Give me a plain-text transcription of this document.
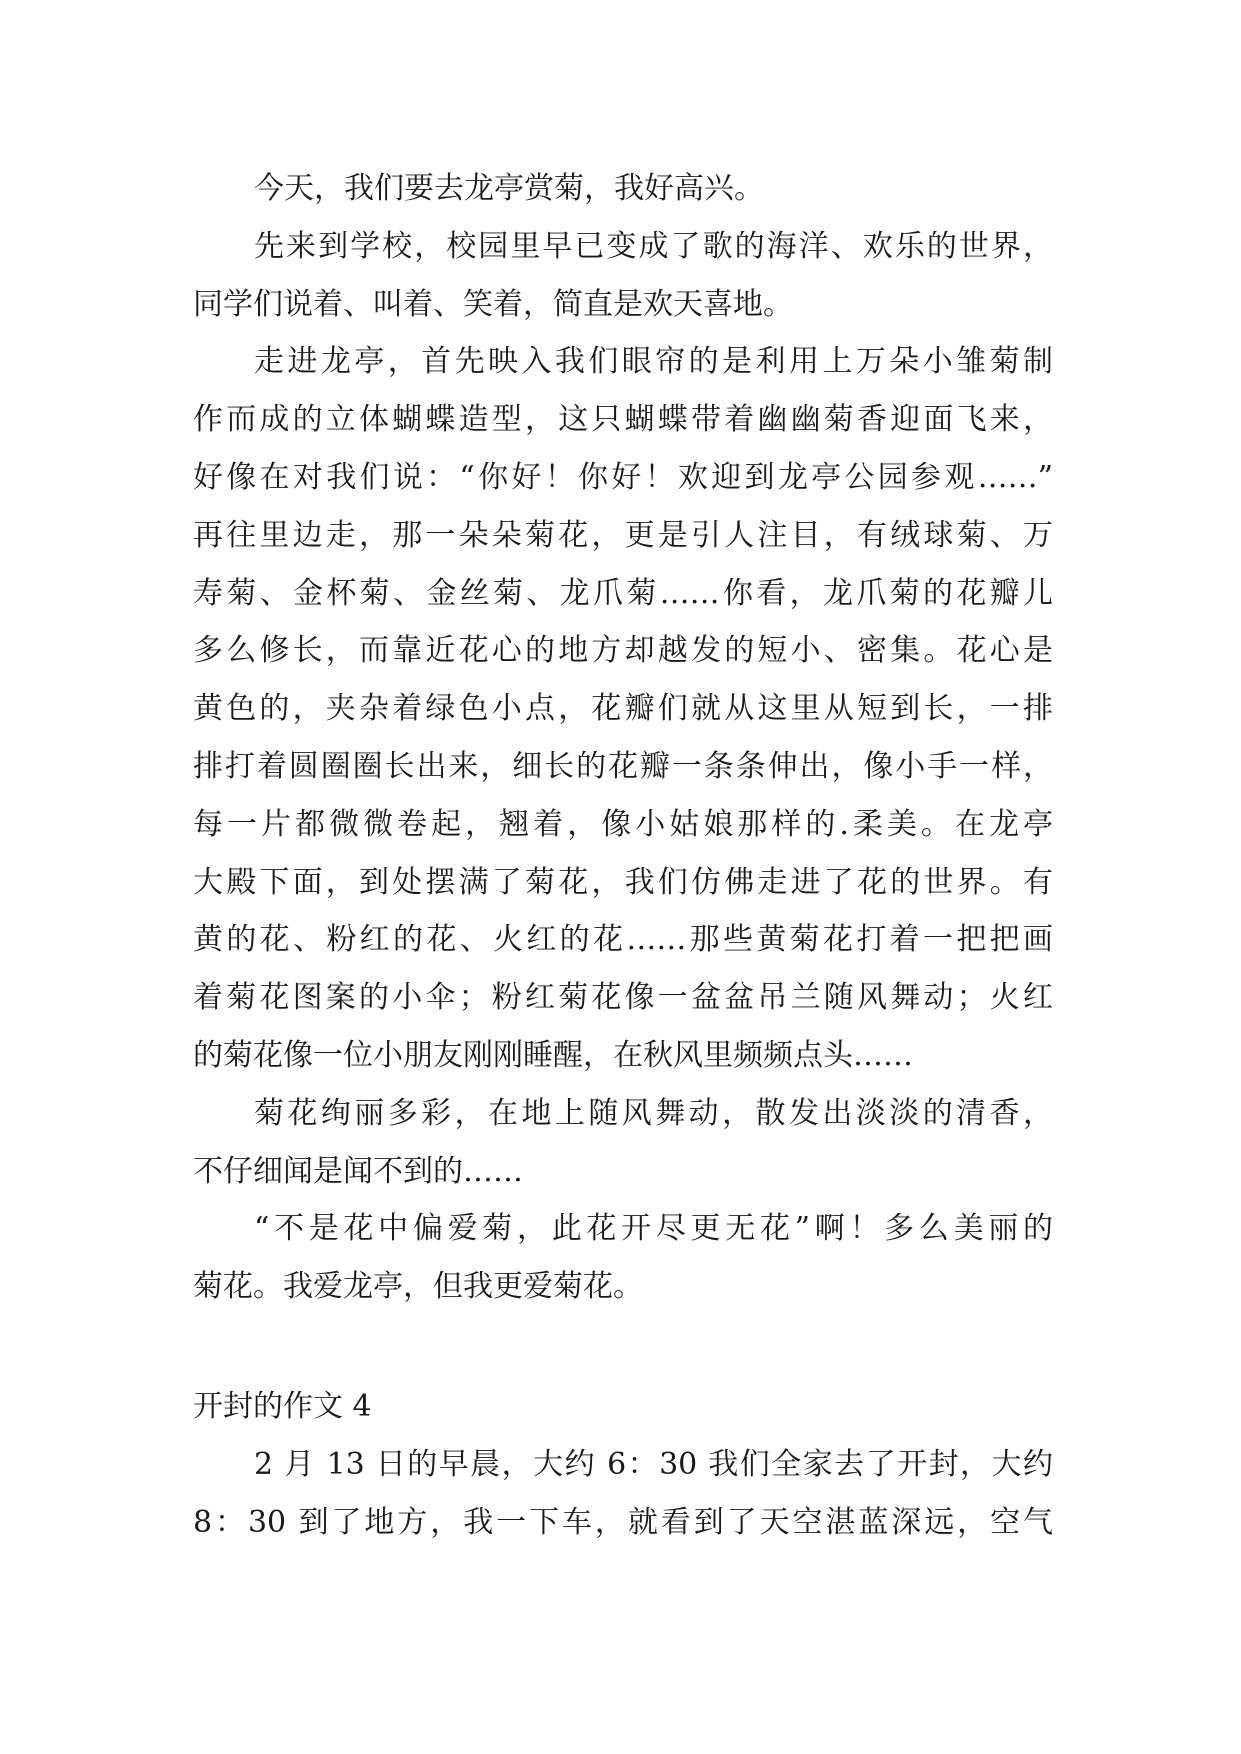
今天，我们要去龙亭赏菊，我好高兴。
先来到学校，校园里早已变成了歌的海洋、欢乐的世界，
同学们说着、叫着、笑着，简直是欢天喜地。
走进龙亭，首先映入我们眼帘的是利用上万朵小雏菊制
作而成的立体蝴蝶造型，这只蝴蝶带着幽幽菊香迎面飞来，
好像在对我们说：“你好！你好！欢迎到龙亭公园参观……”
再往里边走，那一朵朵菊花，更是引人注目，有绒球菊、万
寿菊、金杯菊、金丝菊、龙爪菊……你看，龙爪菊的花瓣儿
多么修长，而靠近花心的地方却越发的短小、密集。花心是
黄色的，夹杂着绿色小点，花瓣们就从这里从短到长，一排
排打着圆圈圈长出来，细长的花瓣一条条伸出，像小手一样，
每一片都微微卷起，翘着，像小姑娘那样的.柔美。在龙亭
大殿下面，到处摆满了菊花，我们仿佛走进了花的世界。有
黄的花、粉红的花、火红的花……那些黄菊花打着一把把画
着菊花图案的小伞；粉红菊花像一盆盆吊兰随风舞动；火红
的菊花像一位小朋友刚刚睡醒，在秋风里频频点头……
菊花绚丽多彩，在地上随风舞动，散发出淡淡的清香，
不仔细闻是闻不到的……
“不是花中偏爱菊，此花开尽更无花”啊！多么美丽的
菊花。我爱龙亭，但我更爱菊花。
开封的作文 4
2 月 13 日的早晨，大约 6：30 我们全家去了开封，大约
8：30 到了地方，我一下车，就看到了天空湛蓝深远，空气
